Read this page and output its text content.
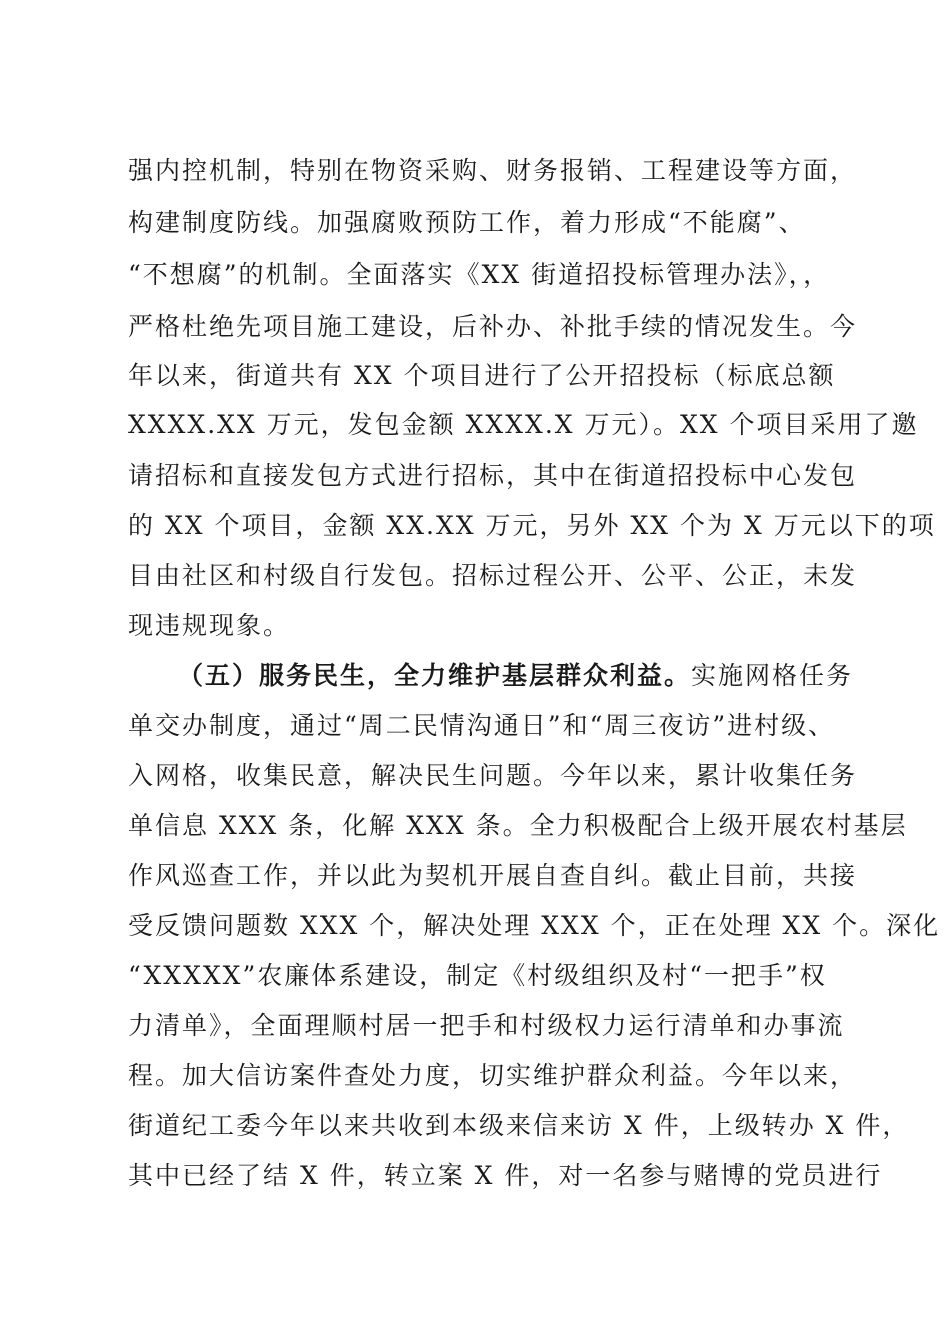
强内控机制，特别在物资采购、财务报销、工程建设等方面，
构建制度防线。加强腐败预防工作，着力形成“不能腐”、
“不想腐”的机制。全面落实《XX 街道招投标管理办法》，，
严格杜绝先项目施工建设，后补办、补批手续的情况发生。今
年以来，街道共有 XX 个项目进行了公开招投标（标底总额
XXXX.XX 万元，发包金额 XXXX.X 万元）。XX 个项目采用了邀
请招标和直接发包方式进行招标，其中在街道招投标中心发包
的 XX 个项目，金额 XX.XX 万元，另外 XX 个为 X 万元以下的项
目由社区和村级自行发包。招标过程公开、公平、公正，未发
现违规现象。
（五）服务民生，全力维护基层群众利益。实施网格任务
单交办制度，通过“周二民情沟通日”和“周三夜访”进村级、
入网格，收集民意，解决民生问题。今年以来，累计收集任务
单信息 XXX 条，化解 XXX 条。全力积极配合上级开展农村基层
作风巡查工作，并以此为契机开展自查自纠。截止目前，共接
受反馈问题数 XXX 个，解决处理 XXX 个，正在处理 XX 个。深化
“XXXXX”农廉体系建设，制定《村级组织及村“一把手”权
力清单》，全面理顺村居一把手和村级权力运行清单和办事流
程。加大信访案件查处力度，切实维护群众利益。今年以来，
街道纪工委今年以来共收到本级来信来访 X 件，上级转办 X 件，
其中已经了结 X 件，转立案 X 件，对一名参与赌博的党员进行
